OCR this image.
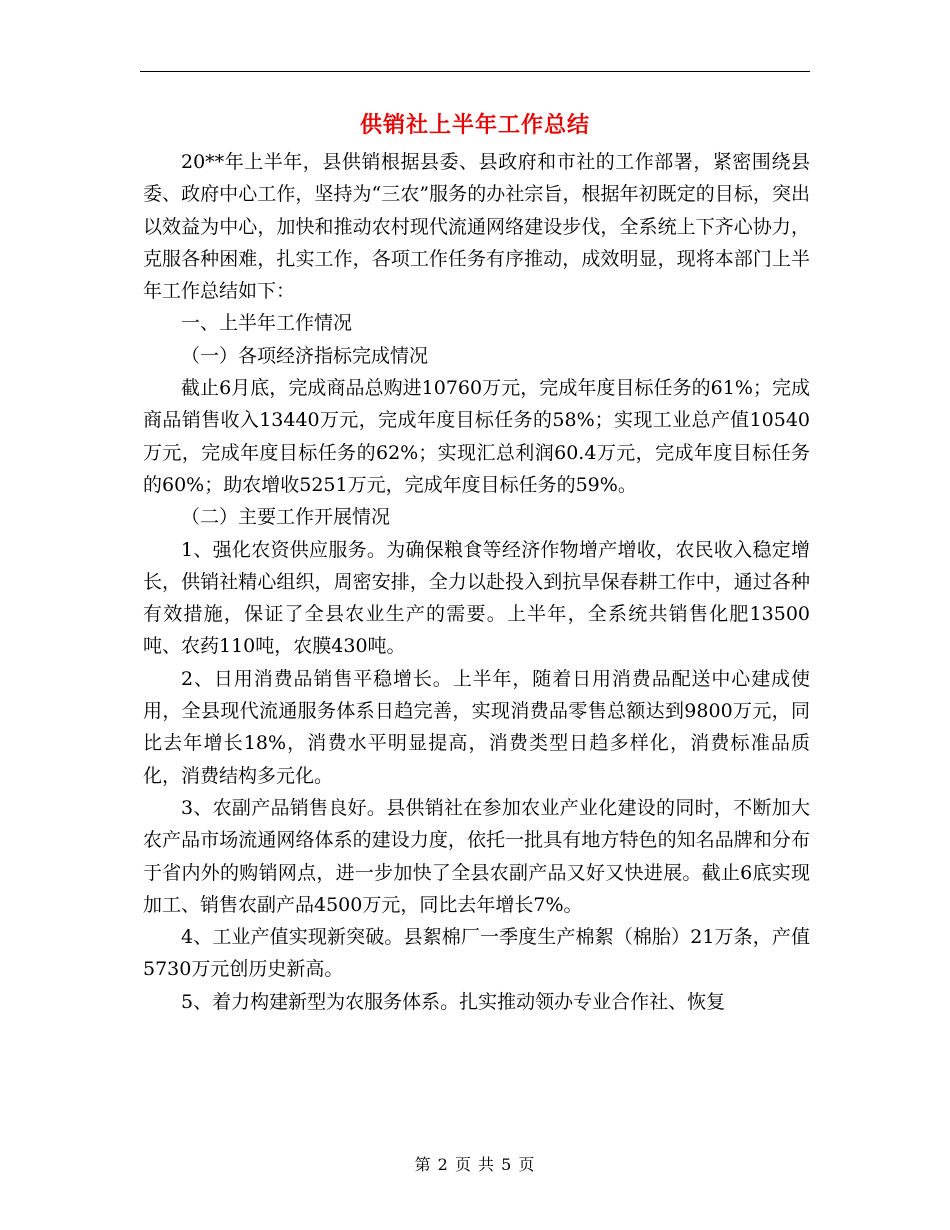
供销社上半年工作总结

20**年上半年，县供销根据县委、县政府和市社的工作部署，紧密围绕县委、政府中心工作，坚持为“三农”服务的办社宗旨，根据年初既定的目标，突出以效益为中心，加快和推动农村现代流通网络建设步伐，全系统上下齐心协力，克服各种困难，扎实工作，各项工作任务有序推动，成效明显，现将本部门上半年工作总结如下：

一、上半年工作情况

（一）各项经济指标完成情况

截止6月底，完成商品总购进10760万元，完成年度目标任务的61%；完成商品销售收入13440万元，完成年度目标任务的58%；实现工业总产值10540万元，完成年度目标任务的62%；实现汇总利润60.4万元，完成年度目标任务的60%；助农增收5251万元，完成年度目标任务的59%。

（二）主要工作开展情况

1、强化农资供应服务。为确保粮食等经济作物增产增收，农民收入稳定增长，供销社精心组织，周密安排，全力以赴投入到抗旱保春耕工作中，通过各种有效措施，保证了全县农业生产的需要。上半年，全系统共销售化肥13500吨、农药110吨，农膜430吨。

2、日用消费品销售平稳增长。上半年，随着日用消费品配送中心建成使用，全县现代流通服务体系日趋完善，实现消费品零售总额达到9800万元，同比去年增长18%，消费水平明显提高，消费类型日趋多样化，消费标准品质化，消费结构多元化。

3、农副产品销售良好。县供销社在参加农业产业化建设的同时，不断加大农产品市场流通网络体系的建设力度，依托一批具有地方特色的知名品牌和分布于省内外的购销网点，进一步加快了全县农副产品又好又快进展。截止6底实现加工、销售农副产品4500万元，同比去年增长7%。

4、工业产值实现新突破。县絮棉厂一季度生产棉絮（棉胎）21万条，产值5730万元创历史新高。

5、着力构建新型为农服务体系。扎实推动领办专业合作社、恢复

第 2 页 共 5 页
